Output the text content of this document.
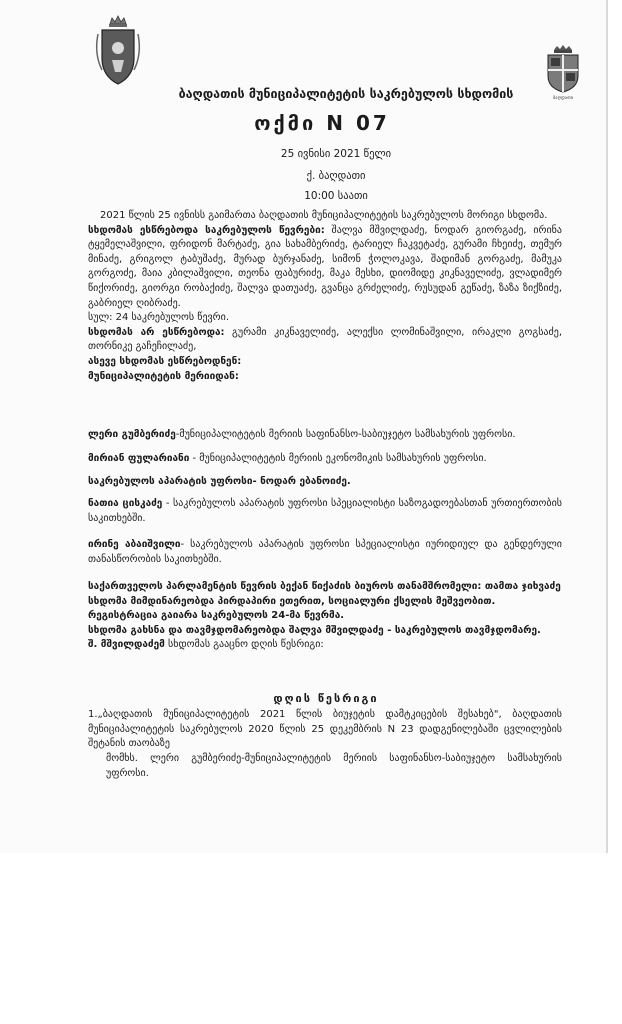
ბაღდათი
ბაღდათის მუნიციპალიტეტის საკრებულოს სხდომის
ოქმი N 07
25 ივნისი 2021 წელი
ქ. ბაღდათი
10:00 საათი
2021 წლის 25 ივნისს გაიმართა ბაღდათის მუნიციპალიტეტის საკრებულოს მორიგი სხდომა.
სხდომას ესწრებოდა საკრებულოს წევრები: შალვა მშვილდაძე, ნოდარ გიორგაძე, ირინა ტყემელაშვილი, ფრიდონ მარტაძე, გია სახამბერიძე, ტარიელ ჩაკვეტაძე, გურამი ჩხეიძე, თემურ მინაძე, გრიგოლ ტაბუშაძე, მურად ბურჯანაძე, სიმონ ჭოლოკავა, შადიმან გორგაძე, მამუკა გორგოძე, მაია კბილაშვილი, თეონა ფაბურიძე, მაკა მესხი, დიომიდე კიკნაველიძე, ვლადიმერ წიქორიძე, გიორგი რობაქიძე, შალვა დათუაძე, გვანცა გრძელიძე, რუსუდან გეწაძე, ზაზა ზიქზიძე, გაბრიელ ღიბრაძე.
სულ: 24 საკრებულოს წევრი.
სხდომას არ ესწრებოდა: გურამი კიკნაველიძე, ალექსი ლომინაშვილი, ირაკლი გოგსაძე, თორნიკე გაჩეჩილაძე,
ასევე სხდომას ესწრებოდნენ:
მუნიციპალიტეტის მერიიდან:
ლერი გუმბერიძე-მუნიციპალიტეტის მერიის საფინანსო-საბიუჯეტო სამსახურის უფროსი.
მირიან ფულარიანი - მუნიციპალიტეტის მერიის ეკონომიკის სამსახურის უფროსი.
საკრებულოს აპარატის უფროსი- ნოდარ ებანოიძე.
ნათია ცისკაძე - საკრებულოს აპარატის უფროსი სპეციალისტი საზოგადოებასთან ურთიერთობის საკითხებში.
ირინე აბაიშვილი- საკრებულოს აპარატის უფროსი სპეციალისტი იურიდიულ და გენდერული თანასწორობის საკითხებში.
საქართველოს პარლამენტის წევრის ბექან წიქაძის ბიუროს თანამშრომელი: თამთა ჯიხვაძე
სხდომა მიმდინარეობდა პირდაპირი ეთერით, სოციალური ქსელის მეშვეობით.
რეგისტრაცია გაიარა საკრებულოს 24-მა წევრმა.
სხდომა გახსნა და თავმჯდომარეობდა შალვა მშვილდაძე - საკრებულოს თავმჯდომარე.
შ. მშვილდაძემ სხდომას გააცნო დღის წესრიგი:
დღის წესრიგი
1.„ბაღდათის მუნიციპალიტეტის 2021 წლის ბიუჯეტის დამტკიცების შესახებ", ბაღდათის მუნიციპალიტეტის საკრებულოს 2020 წლის 25 დეკემბრის N 23 დადგენილებაში ცვლილების შეტანის თაობაზე
მომხს. ლერი გუმბერიძე-მუნიციპალიტეტის მერიის საფინანსო-საბიუჯეტო სამსახურის უფროსი.
